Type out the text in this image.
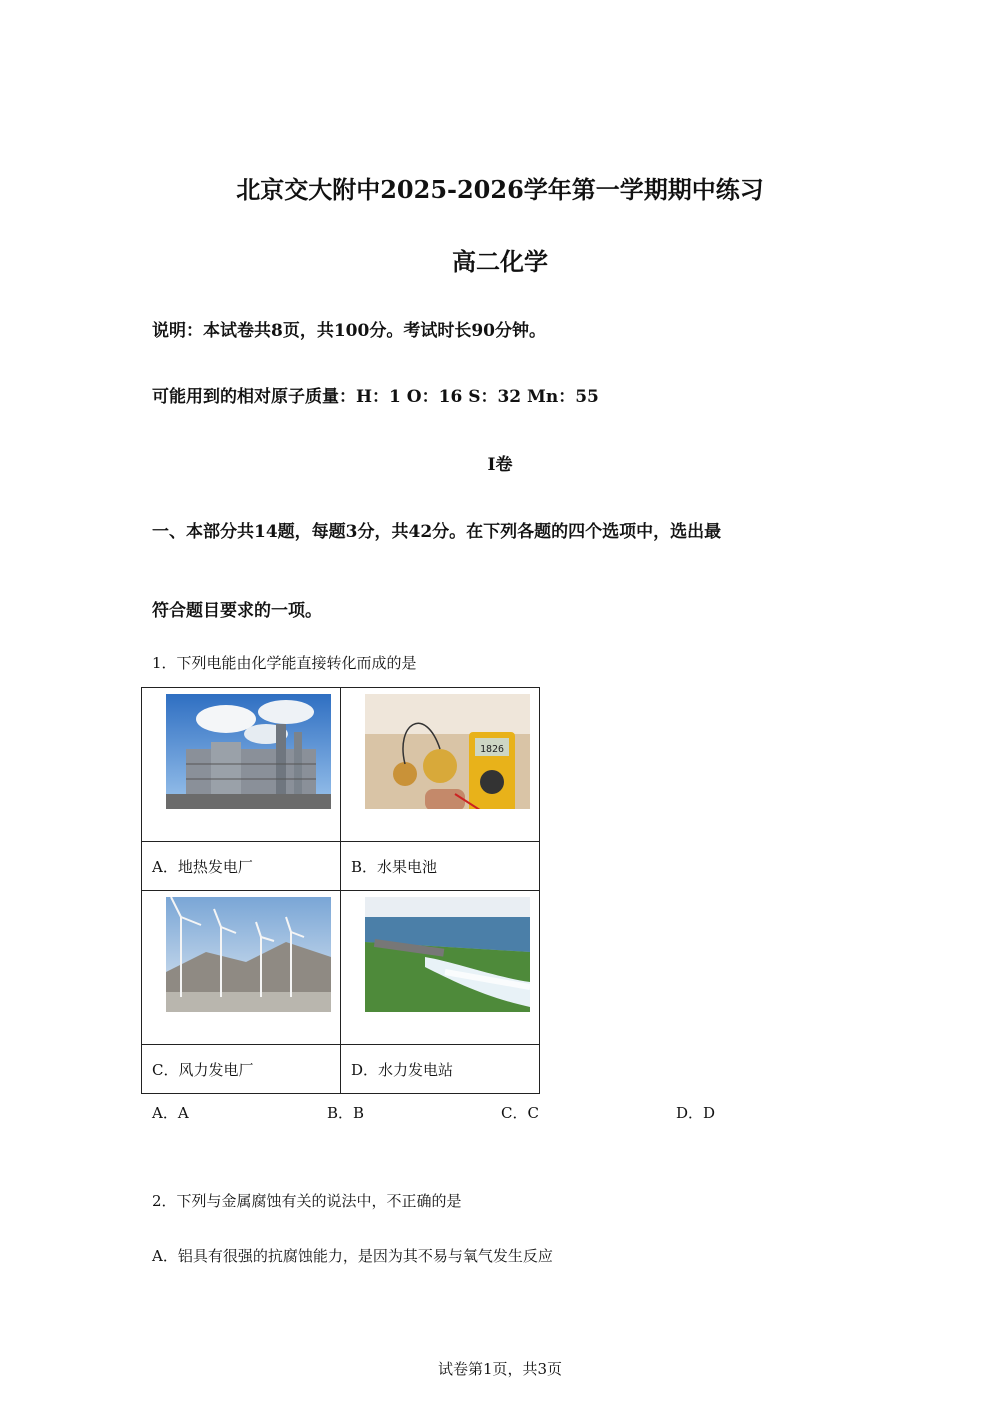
北京交大附中2025-2026学年第一学期期中练习
高二化学
说明：本试卷共8页，共100分。考试时长90分钟。
可能用到的相对原子质量：H：1 O：16 S：32 Mn：55
I卷
一、本部分共14题，每题3分，共42分。在下列各题的四个选项中，选出最
符合题目要求的一项。
1．下列电能由化学能直接转化而成的是

1826

A．地热发电厂	B．水果电池

C．风力发电厂	D．水力发电站
A．A	B．B	C．C	D．D
2．下列与金属腐蚀有关的说法中，不正确的是
A．铝具有很强的抗腐蚀能力，是因为其不易与氧气发生反应
试卷第1页，共3页
